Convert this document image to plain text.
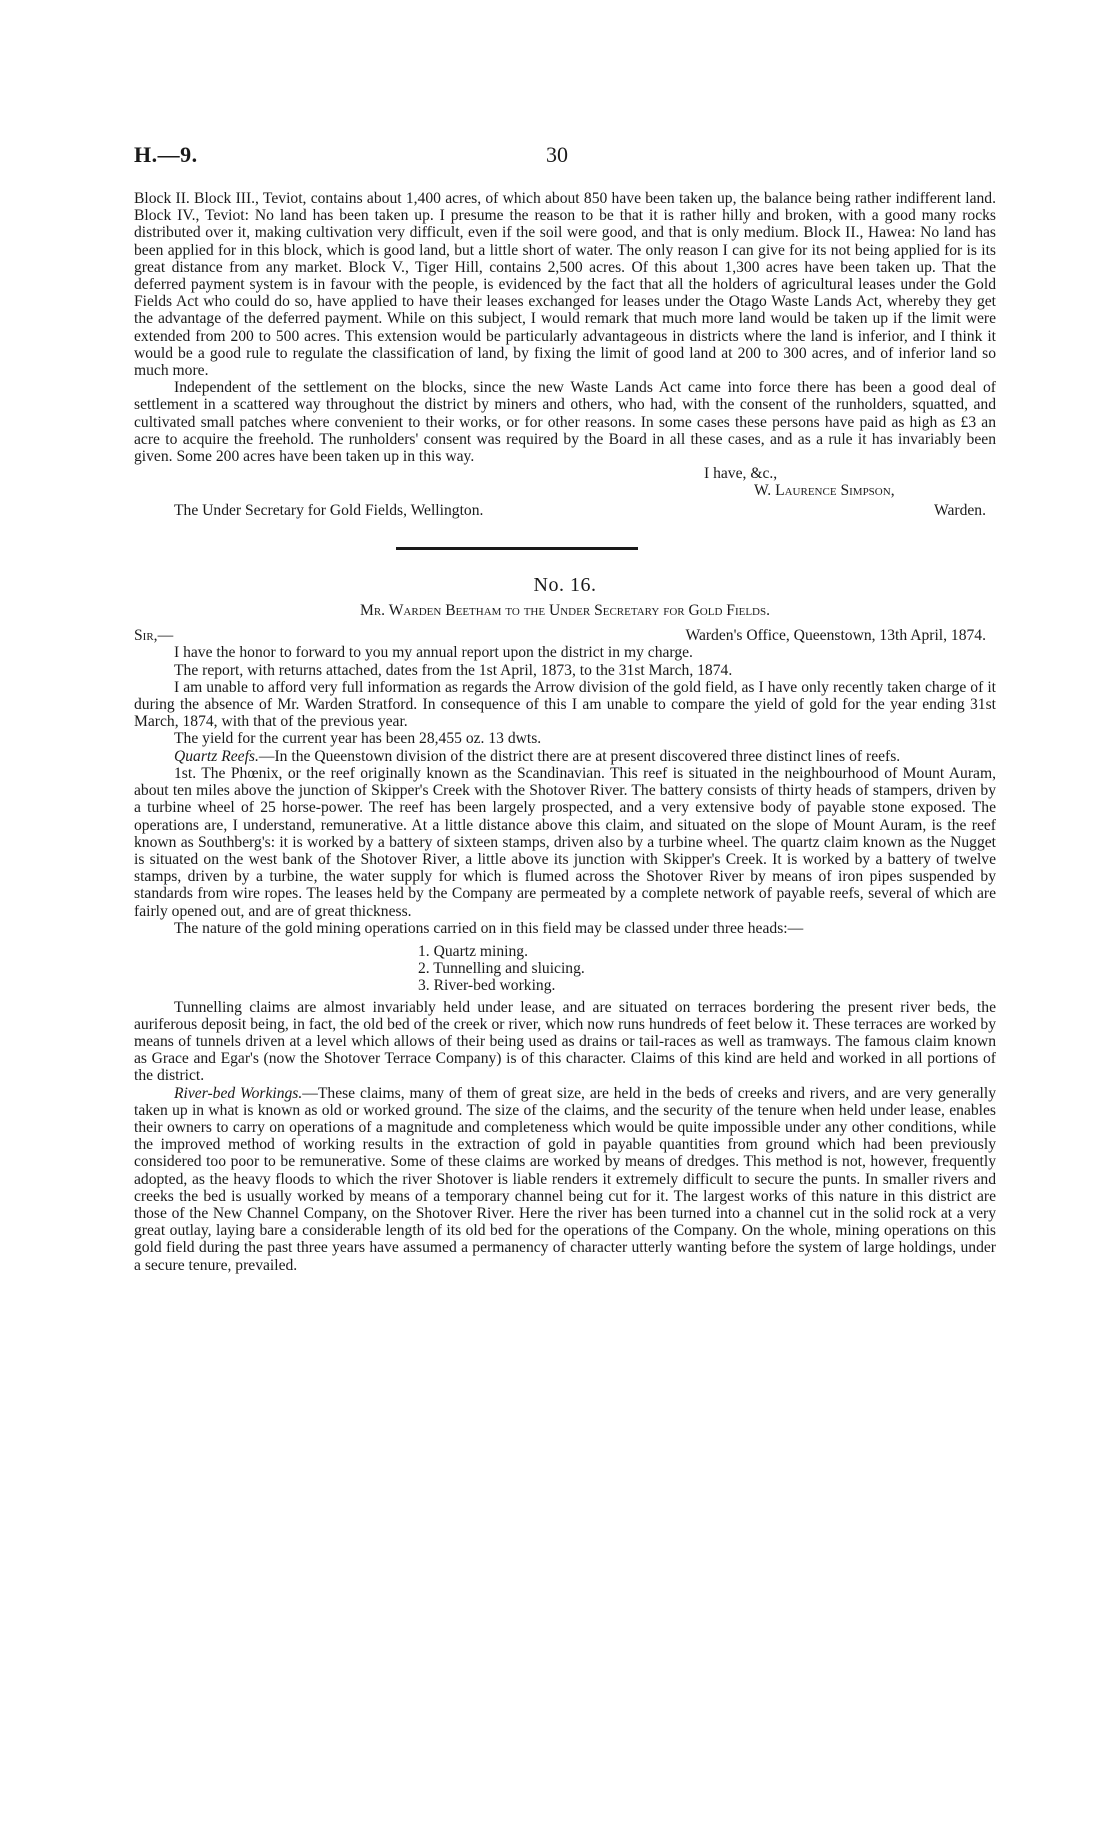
H.—9.	30

Block II. Block III., Teviot, contains about 1,400 acres, of which about 850 have been taken up, the balance being rather indifferent land. Block IV., Teviot: No land has been taken up. I presume the reason to be that it is rather hilly and broken, with a good many rocks distributed over it, making cultivation very difficult, even if the soil were good, and that is only medium. Block II., Hawea: No land has been applied for in this block, which is good land, but a little short of water. The only reason I can give for its not being applied for is its great distance from any market. Block V., Tiger Hill, contains 2,500 acres. Of this about 1,300 acres have been taken up. That the deferred payment system is in favour with the people, is evidenced by the fact that all the holders of agricultural leases under the Gold Fields Act who could do so, have applied to have their leases exchanged for leases under the Otago Waste Lands Act, whereby they get the advantage of the deferred payment. While on this subject, I would remark that much more land would be taken up if the limit were extended from 200 to 500 acres. This extension would be particularly advantageous in districts where the land is inferior, and I think it would be a good rule to regulate the classification of land, by fixing the limit of good land at 200 to 300 acres, and of inferior land so much more.

Independent of the settlement on the blocks, since the new Waste Lands Act came into force there has been a good deal of settlement in a scattered way throughout the district by miners and others, who had, with the consent of the runholders, squatted, and cultivated small patches where convenient to their works, or for other reasons. In some cases these persons have paid as high as £3 an acre to acquire the freehold. The runholders' consent was required by the Board in all these cases, and as a rule it has invariably been given. Some 200 acres have been taken up in this way.

I have, &c.,
W. Laurence Simpson,
The Under Secretary for Gold Fields, Wellington.	Warden.
No. 16.
Mr. Warden Beetham to the Under Secretary for Gold Fields.
Sir,—	Warden's Office, Queenstown, 13th April, 1874.

I have the honor to forward to you my annual report upon the district in my charge.

The report, with returns attached, dates from the 1st April, 1873, to the 31st March, 1874.

I am unable to afford very full information as regards the Arrow division of the gold field, as I have only recently taken charge of it during the absence of Mr. Warden Stratford. In consequence of this I am unable to compare the yield of gold for the year ending 31st March, 1874, with that of the previous year.

The yield for the current year has been 28,455 oz. 13 dwts.

Quartz Reefs.—In the Queenstown division of the district there are at present discovered three distinct lines of reefs.

1st. The Phœnix, or the reef originally known as the Scandinavian. This reef is situated in the neighbourhood of Mount Auram, about ten miles above the junction of Skipper's Creek with the Shotover River. The battery consists of thirty heads of stampers, driven by a turbine wheel of 25 horse-power. The reef has been largely prospected, and a very extensive body of payable stone exposed. The operations are, I understand, remunerative. At a little distance above this claim, and situated on the slope of Mount Auram, is the reef known as Southberg's: it is worked by a battery of sixteen stamps, driven also by a turbine wheel. The quartz claim known as the Nugget is situated on the west bank of the Shotover River, a little above its junction with Skipper's Creek. It is worked by a battery of twelve stamps, driven by a turbine, the water supply for which is flumed across the Shotover River by means of iron pipes suspended by standards from wire ropes. The leases held by the Company are permeated by a complete network of payable reefs, several of which are fairly opened out, and are of great thickness.

The nature of the gold mining operations carried on in this field may be classed under three heads:—

1. Quartz mining.
2. Tunnelling and sluicing.
3. River-bed working.

Tunnelling claims are almost invariably held under lease, and are situated on terraces bordering the present river beds, the auriferous deposit being, in fact, the old bed of the creek or river, which now runs hundreds of feet below it. These terraces are worked by means of tunnels driven at a level which allows of their being used as drains or tail-races as well as tramways. The famous claim known as Grace and Egar's (now the Shotover Terrace Company) is of this character. Claims of this kind are held and worked in all portions of the district.

River-bed Workings.—These claims, many of them of great size, are held in the beds of creeks and rivers, and are very generally taken up in what is known as old or worked ground. The size of the claims, and the security of the tenure when held under lease, enables their owners to carry on operations of a magnitude and completeness which would be quite impossible under any other conditions, while the improved method of working results in the extraction of gold in payable quantities from ground which had been previously considered too poor to be remunerative. Some of these claims are worked by means of dredges. This method is not, however, frequently adopted, as the heavy floods to which the river Shotover is liable renders it extremely difficult to secure the punts. In smaller rivers and creeks the bed is usually worked by means of a temporary channel being cut for it. The largest works of this nature in this district are those of the New Channel Company, on the Shotover River. Here the river has been turned into a channel cut in the solid rock at a very great outlay, laying bare a considerable length of its old bed for the operations of the Company. On the whole, mining operations on this gold field during the past three years have assumed a permanency of character utterly wanting before the system of large holdings, under a secure tenure, prevailed.
